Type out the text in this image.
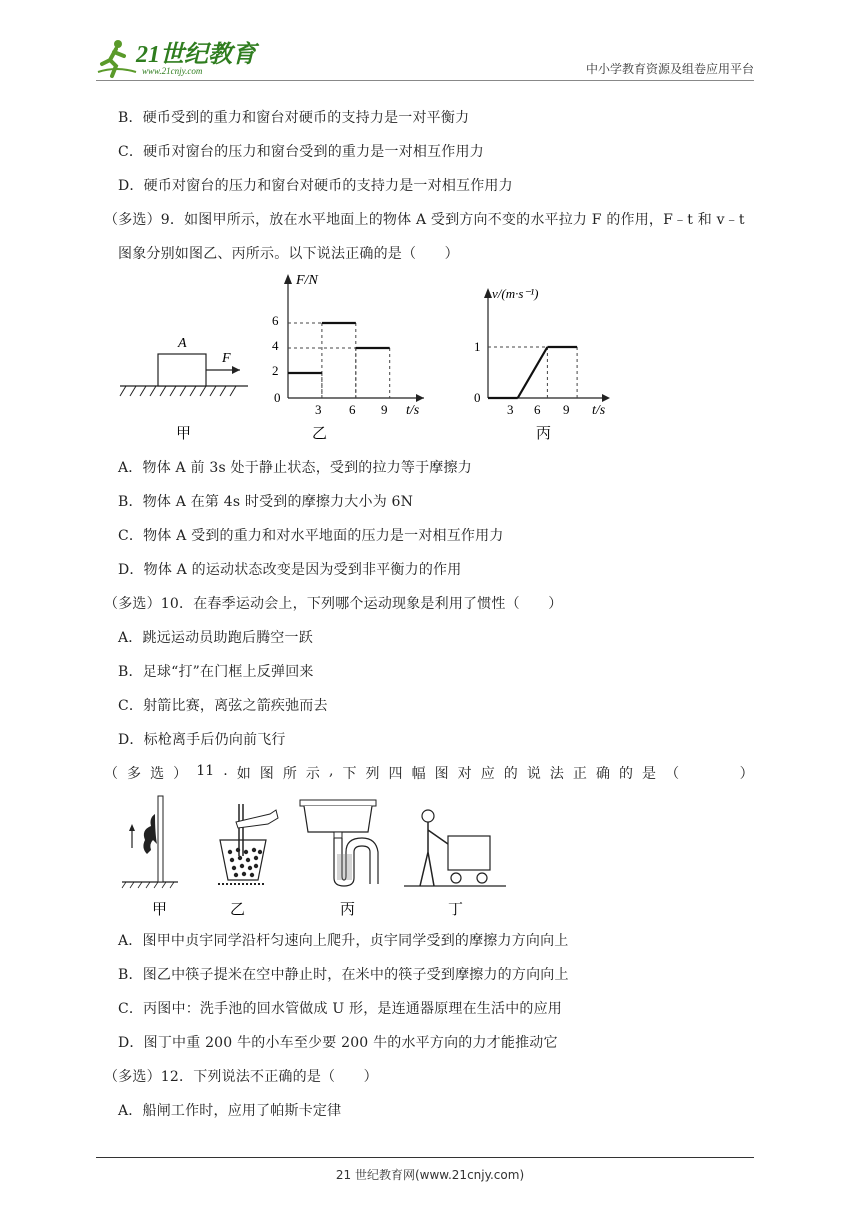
21世纪教育
www.21cnjy.com	中小学教育资源及组卷应用平台
B．硬币受到的重力和窗台对硬币的支持力是一对平衡力
C．硬币对窗台的压力和窗台受到的重力是一对相互作用力
D．硬币对窗台的压力和窗台对硬币的支持力是一对相互作用力
（多选）9．如图甲所示，放在水平地面上的物体 A 受到方向不变的水平拉力 F 的作用，F﹣t 和 v﹣t
图象分别如图乙、丙所示。以下说法正确的是（　　）
A
F
甲
F/N
t/s
6
4
2
0
3 6 9
乙
v/(m·s⁻¹)
t/s
1
0
3 6 9
丙
A．物体 A 前 3s 处于静止状态，受到的拉力等于摩擦力
B．物体 A 在第 4s 时受到的摩擦力大小为 6N
C．物体 A 受到的重力和对水平地面的压力是一对相互作用力
D．物体 A 的运动状态改变是因为受到非平衡力的作用
（多选）10．在春季运动会上，下列哪个运动现象是利用了惯性（　　）
A．跳远运动员助跑后腾空一跃
B．足球“打”在门框上反弹回来
C．射箭比赛，离弦之箭疾弛而去
D．标枪离手后仍向前飞行
（ 多 选 ） 11 . 如 图 所 示 , 下 列 四 幅 图 对 应 的 说 法 正 确 的 是 （
　　　	）
甲	乙	丙	丁
A．图甲中贞宇同学沿杆匀速向上爬升，贞宇同学受到的摩擦力方向向上
B．图乙中筷子提米在空中静止时，在米中的筷子受到摩擦力的方向向上
C．丙图中：洗手池的回水管做成 U 形，是连通器原理在生活中的应用
D．图丁中重 200 牛的小车至少要 200 牛的水平方向的力才能推动它
（多选）12．下列说法不正确的是（　　）
A．船闸工作时，应用了帕斯卡定律
21 世纪教育网(www.21cnjy.com)
